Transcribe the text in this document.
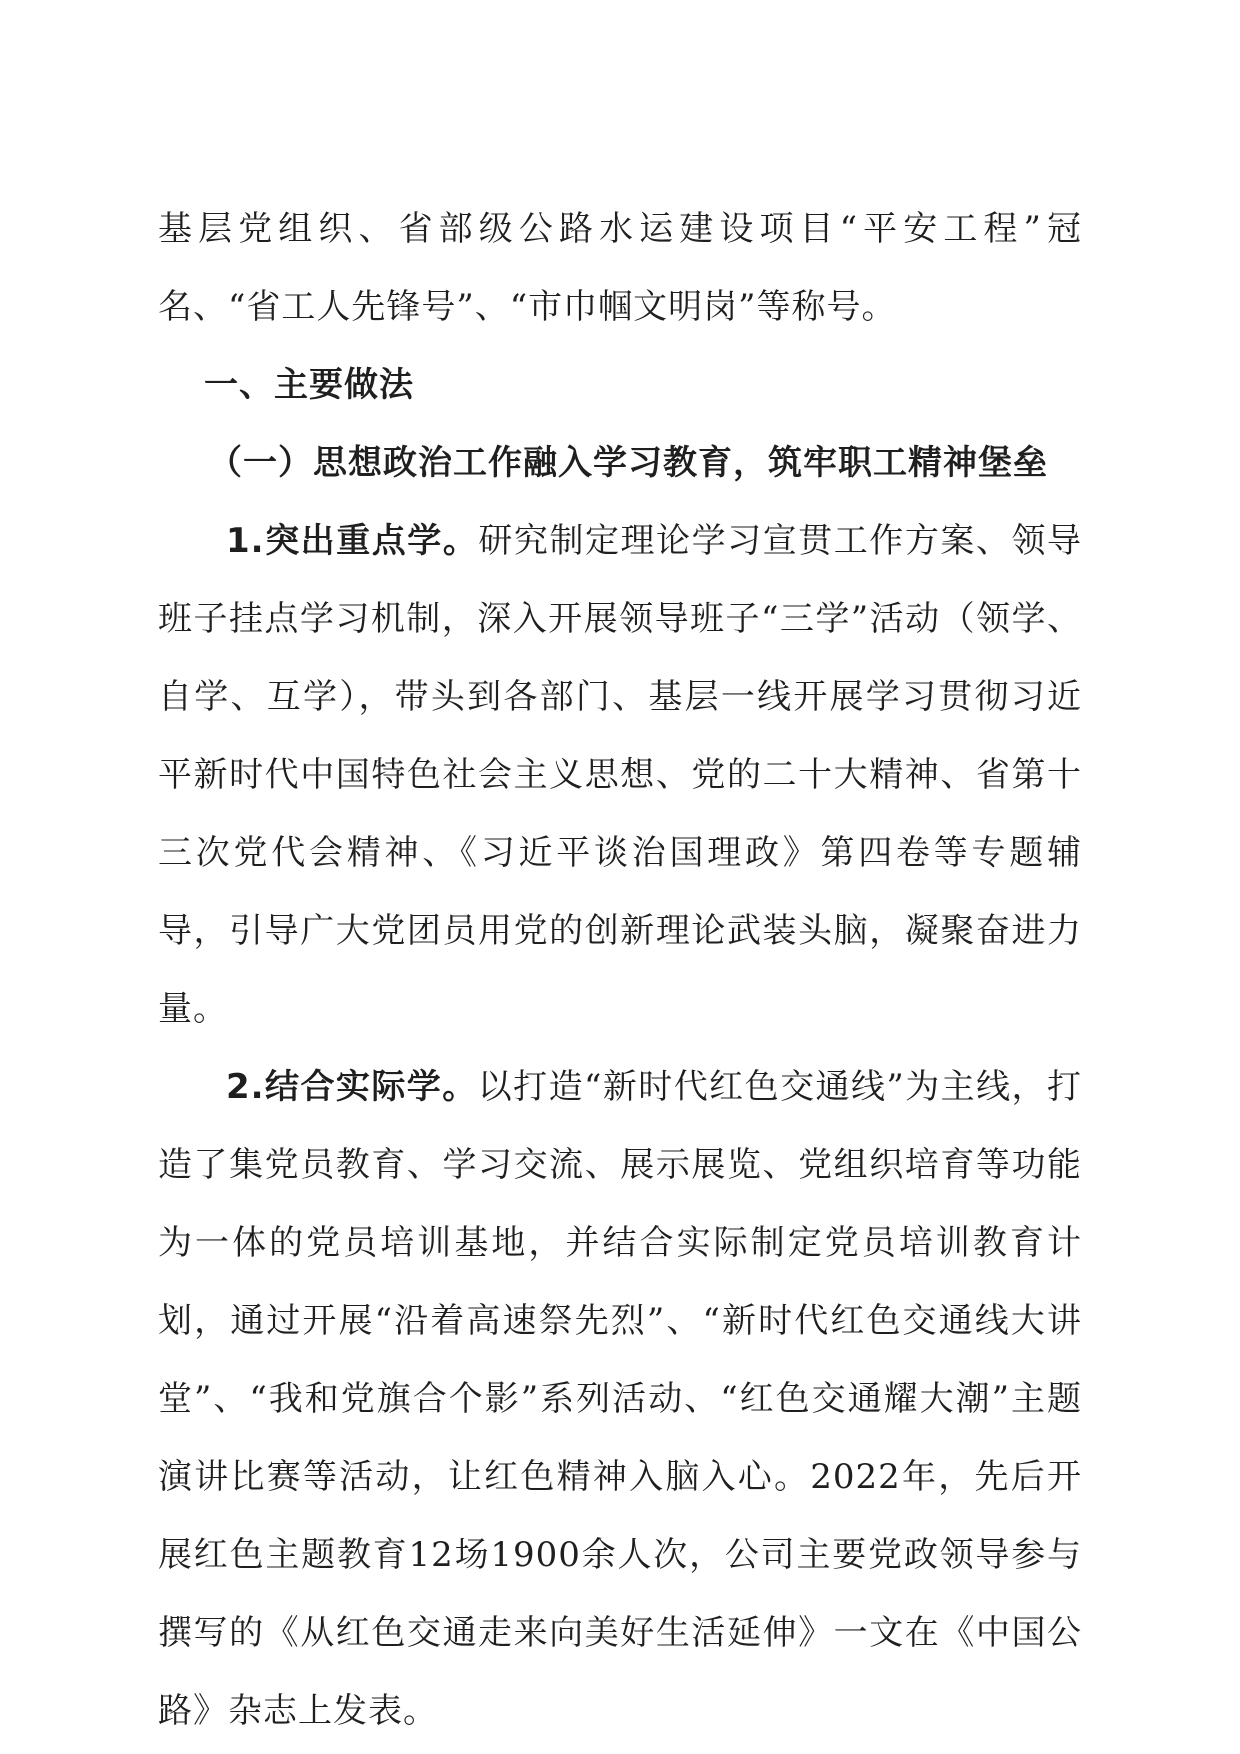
基层党组织、省部级公路水运建设项目“平安工程”冠名、“省工人先锋号”、“市巾帼文明岗”等称号。

一、主要做法

（一）思想政治工作融入学习教育，筑牢职工精神堡垒

1.突出重点学。研究制定理论学习宣贯工作方案、领导班子挂点学习机制，深入开展领导班子“三学”活动（领学、自学、互学），带头到各部门、基层一线开展学习贯彻习近平新时代中国特色社会主义思想、党的二十大精神、省第十三次党代会精神、《习近平谈治国理政》第四卷等专题辅导，引导广大党团员用党的创新理论武装头脑，凝聚奋进力量。

2.结合实际学。以打造“新时代红色交通线”为主线，打造了集党员教育、学习交流、展示展览、党组织培育等功能为一体的党员培训基地，并结合实际制定党员培训教育计划，通过开展“沿着高速祭先烈”、“新时代红色交通线大讲堂”、“我和党旗合个影”系列活动、“红色交通耀大潮”主题演讲比赛等活动，让红色精神入脑入心。2022年，先后开展红色主题教育12场1900余人次，公司主要党政领导参与撰写的《从红色交通走来向美好生活延伸》一文在《中国公路》杂志上发表。
